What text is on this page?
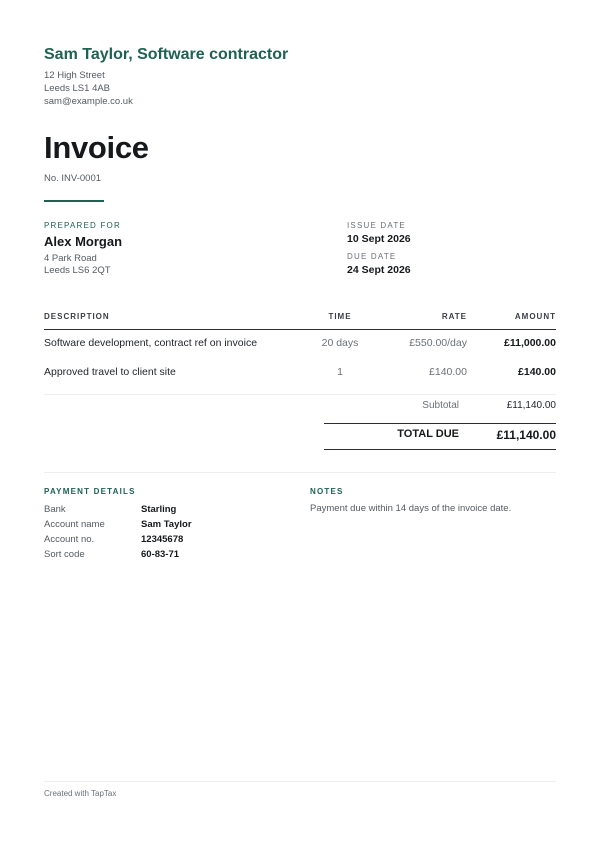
Sam Taylor, Software contractor
12 High Street
Leeds LS1 4AB
sam@example.co.uk
Invoice
No. INV-0001
PREPARED FOR
Alex Morgan
4 Park Road
Leeds LS6 2QT
ISSUE DATE
10 Sept 2026
DUE DATE
24 Sept 2026
DESCRIPTION	TIME	RATE	AMOUNT
Software development, contract ref on invoice	20 days	£550.00/day	£11,000.00
Approved travel to client site	1	£140.00	£140.00
Subtotal	£11,140.00
TOTAL DUE	£11,140.00
PAYMENT DETAILS
Bank	Starling
Account name	Sam Taylor
Account no.	12345678
Sort code	60-83-71
NOTES
Payment due within 14 days of the invoice date.
Created with TapTax
